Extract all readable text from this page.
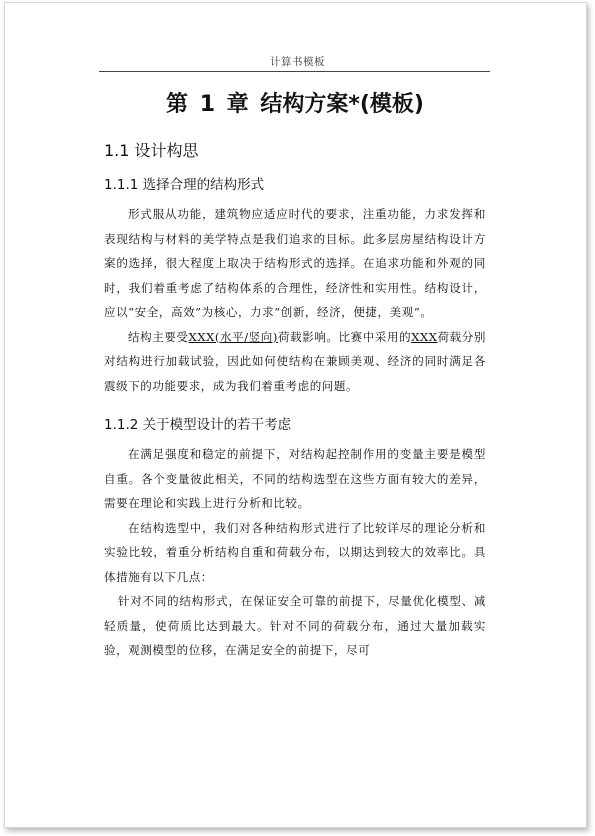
计算书模板
第 1 章 结构方案*(模板)
1.1 设计构思
1.1.1 选择合理的结构形式

形式服从功能，建筑物应适应时代的要求，注重功能，力求发挥和表现结构与材料的美学特点是我们追求的目标。此多层房屋结构设计方案的选择，很大程度上取决于结构形式的选择。在追求功能和外观的同时，我们着重考虑了结构体系的合理性，经济性和实用性。结构设计，应以“安全，高效”为核心，力求“创新，经济，便捷，美观”。

结构主要受XXX(水平/竖向)荷载影响。比赛中采用的XXX荷载分别对结构进行加载试验，因此如何使结构在兼顾美观、经济的同时满足各震级下的功能要求，成为我们着重考虑的问题。

1.1.2 关于模型设计的若干考虑

在满足强度和稳定的前提下，对结构起控制作用的变量主要是模型自重。各个变量彼此相关，不同的结构选型在这些方面有较大的差异，需要在理论和实践上进行分析和比较。

在结构选型中，我们对各种结构形式进行了比较详尽的理论分析和实验比较，着重分析结构自重和荷载分布，以期达到较大的效率比。具体措施有以下几点：

针对不同的结构形式，在保证安全可靠的前提下，尽量优化模型、减轻质量，使荷质比达到最大。针对不同的荷载分布，通过大量加载实验，观测模型的位移，在满足安全的前提下，尽可
